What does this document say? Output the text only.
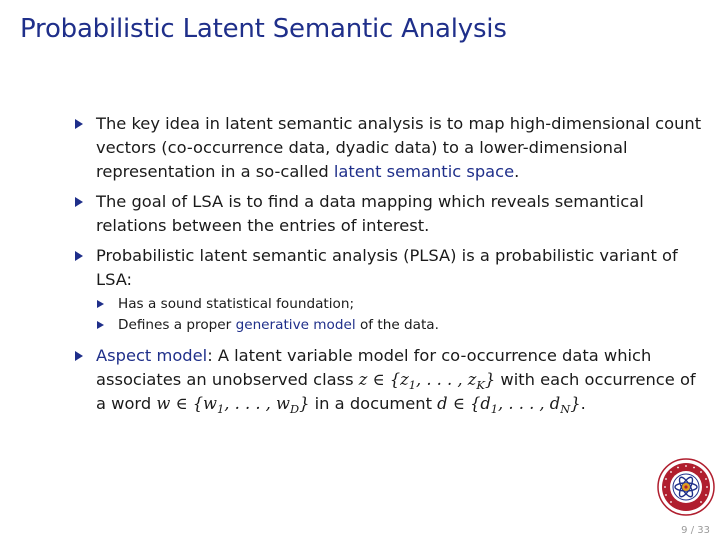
Probabilistic Latent Semantic Analysis
The key idea in latent semantic analysis is to map high-dimensional count vectors (co-occurrence data, dyadic data) to a lower-dimensional representation in a so-called latent semantic space.
The goal of LSA is to find a data mapping which reveals semantical relations between the entries of interest.
Probabilistic latent semantic analysis (PLSA) is a probabilistic variant of LSA:
Has a sound statistical foundation;
Defines a proper generative model of the data.
Aspect model: A latent variable model for co-occurrence data which associates an unobserved class z ∈ {$z_1$, . . . , $z_K$} with each occurrence of a word w ∈ {$w_1$, . . . , $w_D$} in a document d ∈ {$d_1$, . . . , $d_N$}.
9 / 33
